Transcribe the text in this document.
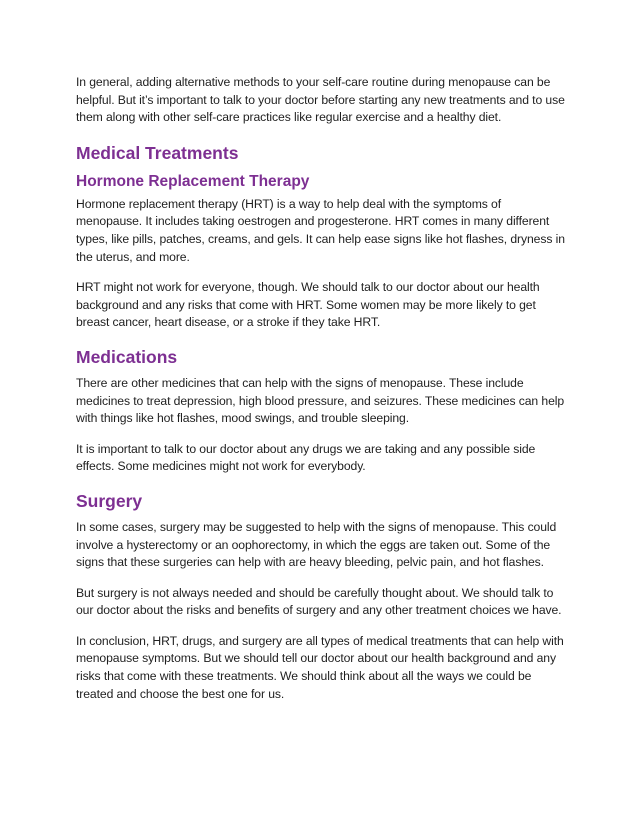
In general, adding alternative methods to your self-care routine during menopause can be helpful. But it’s important to talk to your doctor before starting any new treatments and to use them along with other self-care practices like regular exercise and a healthy diet.

Medical Treatments
Hormone Replacement Therapy

Hormone replacement therapy (HRT) is a way to help deal with the symptoms of menopause. It includes taking oestrogen and progesterone. HRT comes in many different types, like pills, patches, creams, and gels. It can help ease signs like hot flashes, dryness in the uterus, and more.

HRT might not work for everyone, though. We should talk to our doctor about our health background and any risks that come with HRT. Some women may be more likely to get breast cancer, heart disease, or a stroke if they take HRT.

Medications

There are other medicines that can help with the signs of menopause. These include medicines to treat depression, high blood pressure, and seizures. These medicines can help with things like hot flashes, mood swings, and trouble sleeping.

It is important to talk to our doctor about any drugs we are taking and any possible side effects. Some medicines might not work for everybody.

Surgery

In some cases, surgery may be suggested to help with the signs of menopause. This could involve a hysterectomy or an oophorectomy, in which the eggs are taken out. Some of the signs that these surgeries can help with are heavy bleeding, pelvic pain, and hot flashes.

But surgery is not always needed and should be carefully thought about. We should talk to our doctor about the risks and benefits of surgery and any other treatment choices we have.

In conclusion, HRT, drugs, and surgery are all types of medical treatments that can help with menopause symptoms. But we should tell our doctor about our health background and any risks that come with these treatments. We should think about all the ways we could be treated and choose the best one for us.
